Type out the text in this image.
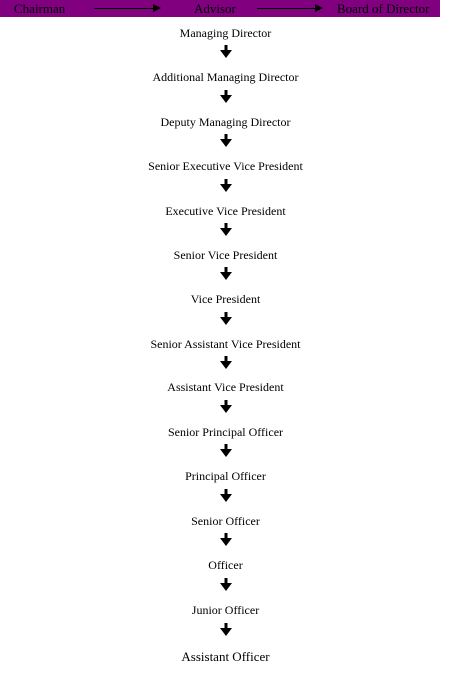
Chairman	Advisor	Board of Director
Managing Director
Additional Managing Director
Deputy Managing Director
Senior Executive Vice President
Executive Vice President
Senior Vice President
Vice President
Senior Assistant Vice President
Assistant Vice President
Senior Principal Officer
Principal Officer
Senior Officer
Officer
Junior Officer
Assistant Officer
